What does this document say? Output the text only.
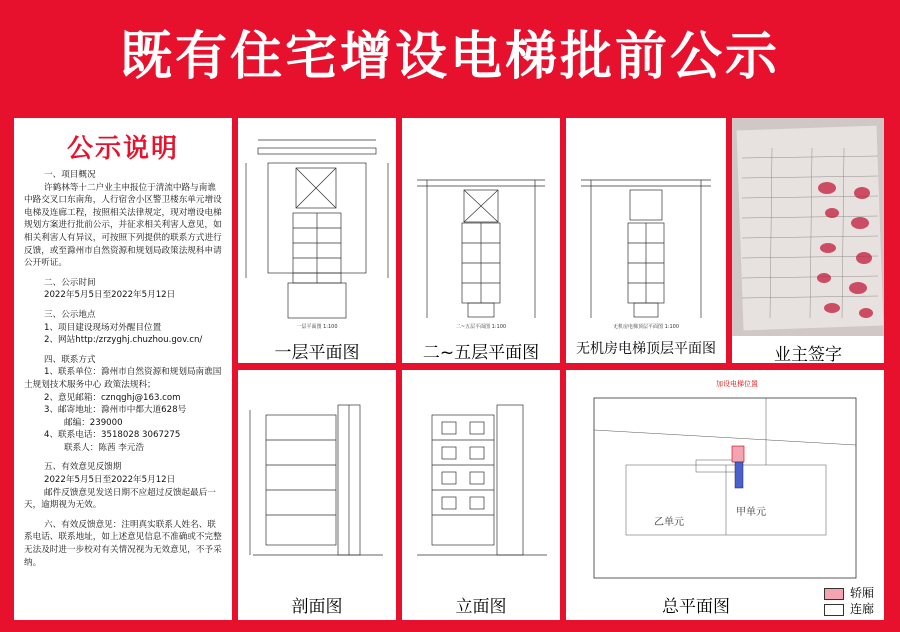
既有住宅增设电梯批前公示
公示说明

一、项目概况

许鹤林等十二户业主申报位于清流中路与南谯中路交叉口东南角，人行宿舍小区警卫楼东单元增设电梯及连廊工程，按照相关法律规定，现对增设电梯规划方案进行批前公示，并征求相关利害人意见，如相关利害人有异议，可按照下列提供的联系方式进行反馈，或至滁州市自然资源和规划局政策法规科申请公开听证。

二、公示时间

2022年5月5日至2022年5月12日

三、公示地点

1、项目建设现场对外醒目位置

2、网站http:/zrzyghj.chuzhou.gov.cn/

四、联系方式

1、联系单位：滁州市自然资源和规划局南谯国土规划技术服务中心 政策法规科；

2、意见邮箱：cznqghj@163.com

3、邮寄地址：滁州市中都大道628号

邮编：239000

4、联系电话：3518028 3067275

联系人：陈茜 李元浩

五、有效意见反馈期

2022年5月5日至2022年5月12日

邮件反馈意见发送日期不应超过反馈起最后一天，逾期视为无效。

六、有效反馈意见：注明真实联系人姓名、联系电话、联系地址，如上述意见信息不准确或不完整无法及时进一步校对有关情况视为无效意见，不予采纳。

一层平面图 1:100
一层平面图
二~五层平面图 1:100
二~五层平面图
无机房电梯顶层平面图 1:100
无机房电梯顶层平面图	业主签字
剖面图	立面图
加设电梯位置
甲单元
乙单元
总平面图
轿厢
连廊
